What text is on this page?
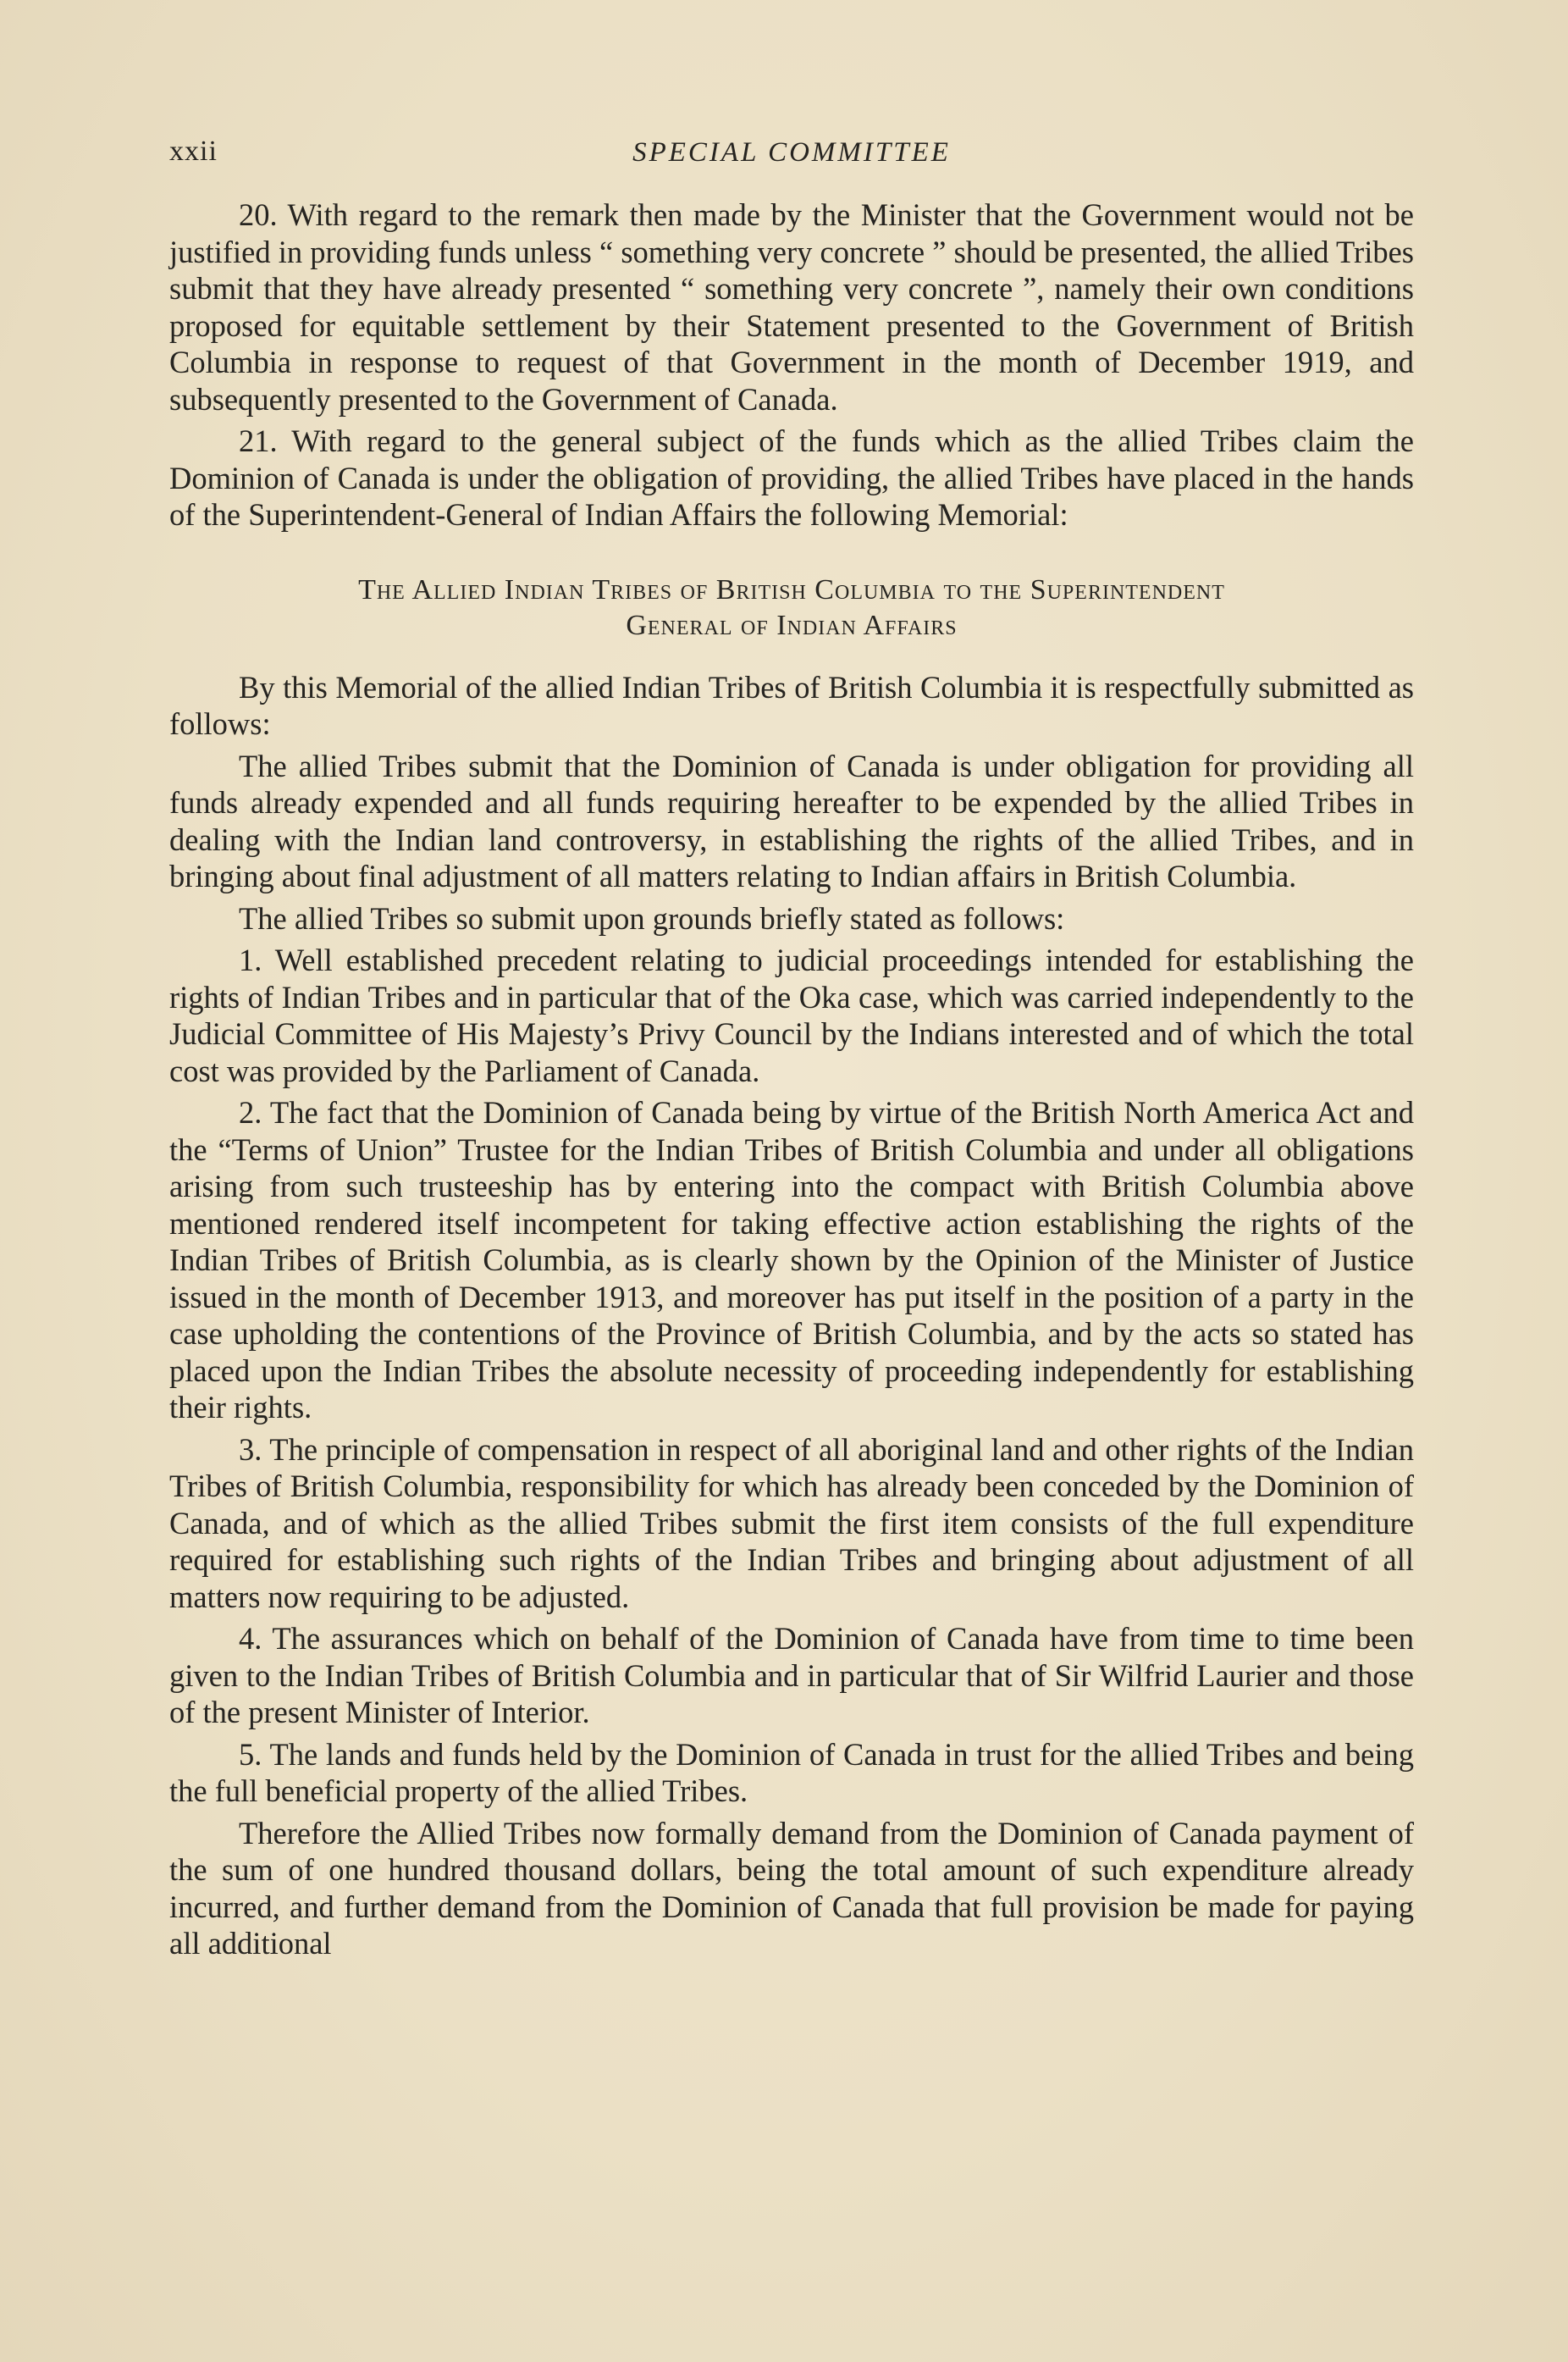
xxii	SPECIAL COMMITTEE

20. With regard to the remark then made by the Minister that the Government would not be justified in providing funds unless “ something very concrete ” should be presented, the allied Tribes submit that they have already presented “ something very concrete ”, namely their own conditions proposed for equitable settlement by their Statement presented to the Government of British Columbia in response to request of that Government in the month of December 1919, and subsequently presented to the Government of Canada.

21. With regard to the general subject of the funds which as the allied Tribes claim the Dominion of Canada is under the obligation of providing, the allied Tribes have placed in the hands of the Superintendent-General of Indian Affairs the following Memorial:

The Allied Indian Tribes of British Columbia to the Superintendent
General of Indian Affairs

By this Memorial of the allied Indian Tribes of British Columbia it is respectfully submitted as follows:

The allied Tribes submit that the Dominion of Canada is under obligation for providing all funds already expended and all funds requiring hereafter to be expended by the allied Tribes in dealing with the Indian land controversy, in establishing the rights of the allied Tribes, and in bringing about final adjustment of all matters relating to Indian affairs in British Columbia.

The allied Tribes so submit upon grounds briefly stated as follows:

1. Well established precedent relating to judicial proceedings intended for establishing the rights of Indian Tribes and in particular that of the Oka case, which was carried independently to the Judicial Committee of His Majesty’s Privy Council by the Indians interested and of which the total cost was provided by the Parliament of Canada.

2. The fact that the Dominion of Canada being by virtue of the British North America Act and the “Terms of Union” Trustee for the Indian Tribes of British Columbia and under all obligations arising from such trusteeship has by entering into the compact with British Columbia above mentioned rendered itself incompetent for taking effective action establishing the rights of the Indian Tribes of British Columbia, as is clearly shown by the Opinion of the Minister of Justice issued in the month of December 1913, and moreover has put itself in the position of a party in the case upholding the contentions of the Province of British Columbia, and by the acts so stated has placed upon the Indian Tribes the absolute necessity of proceeding independently for establishing their rights.

3. The principle of compensation in respect of all aboriginal land and other rights of the Indian Tribes of British Columbia, responsibility for which has already been conceded by the Dominion of Canada, and of which as the allied Tribes submit the first item consists of the full expenditure required for establishing such rights of the Indian Tribes and bringing about adjustment of all matters now requiring to be adjusted.

4. The assurances which on behalf of the Dominion of Canada have from time to time been given to the Indian Tribes of British Columbia and in particular that of Sir Wilfrid Laurier and those of the present Minister of Interior.

5. The lands and funds held by the Dominion of Canada in trust for the allied Tribes and being the full beneficial property of the allied Tribes.

Therefore the Allied Tribes now formally demand from the Dominion of Canada payment of the sum of one hundred thousand dollars, being the total amount of such expenditure already incurred, and further demand from the Dominion of Canada that full provision be made for paying all additional
